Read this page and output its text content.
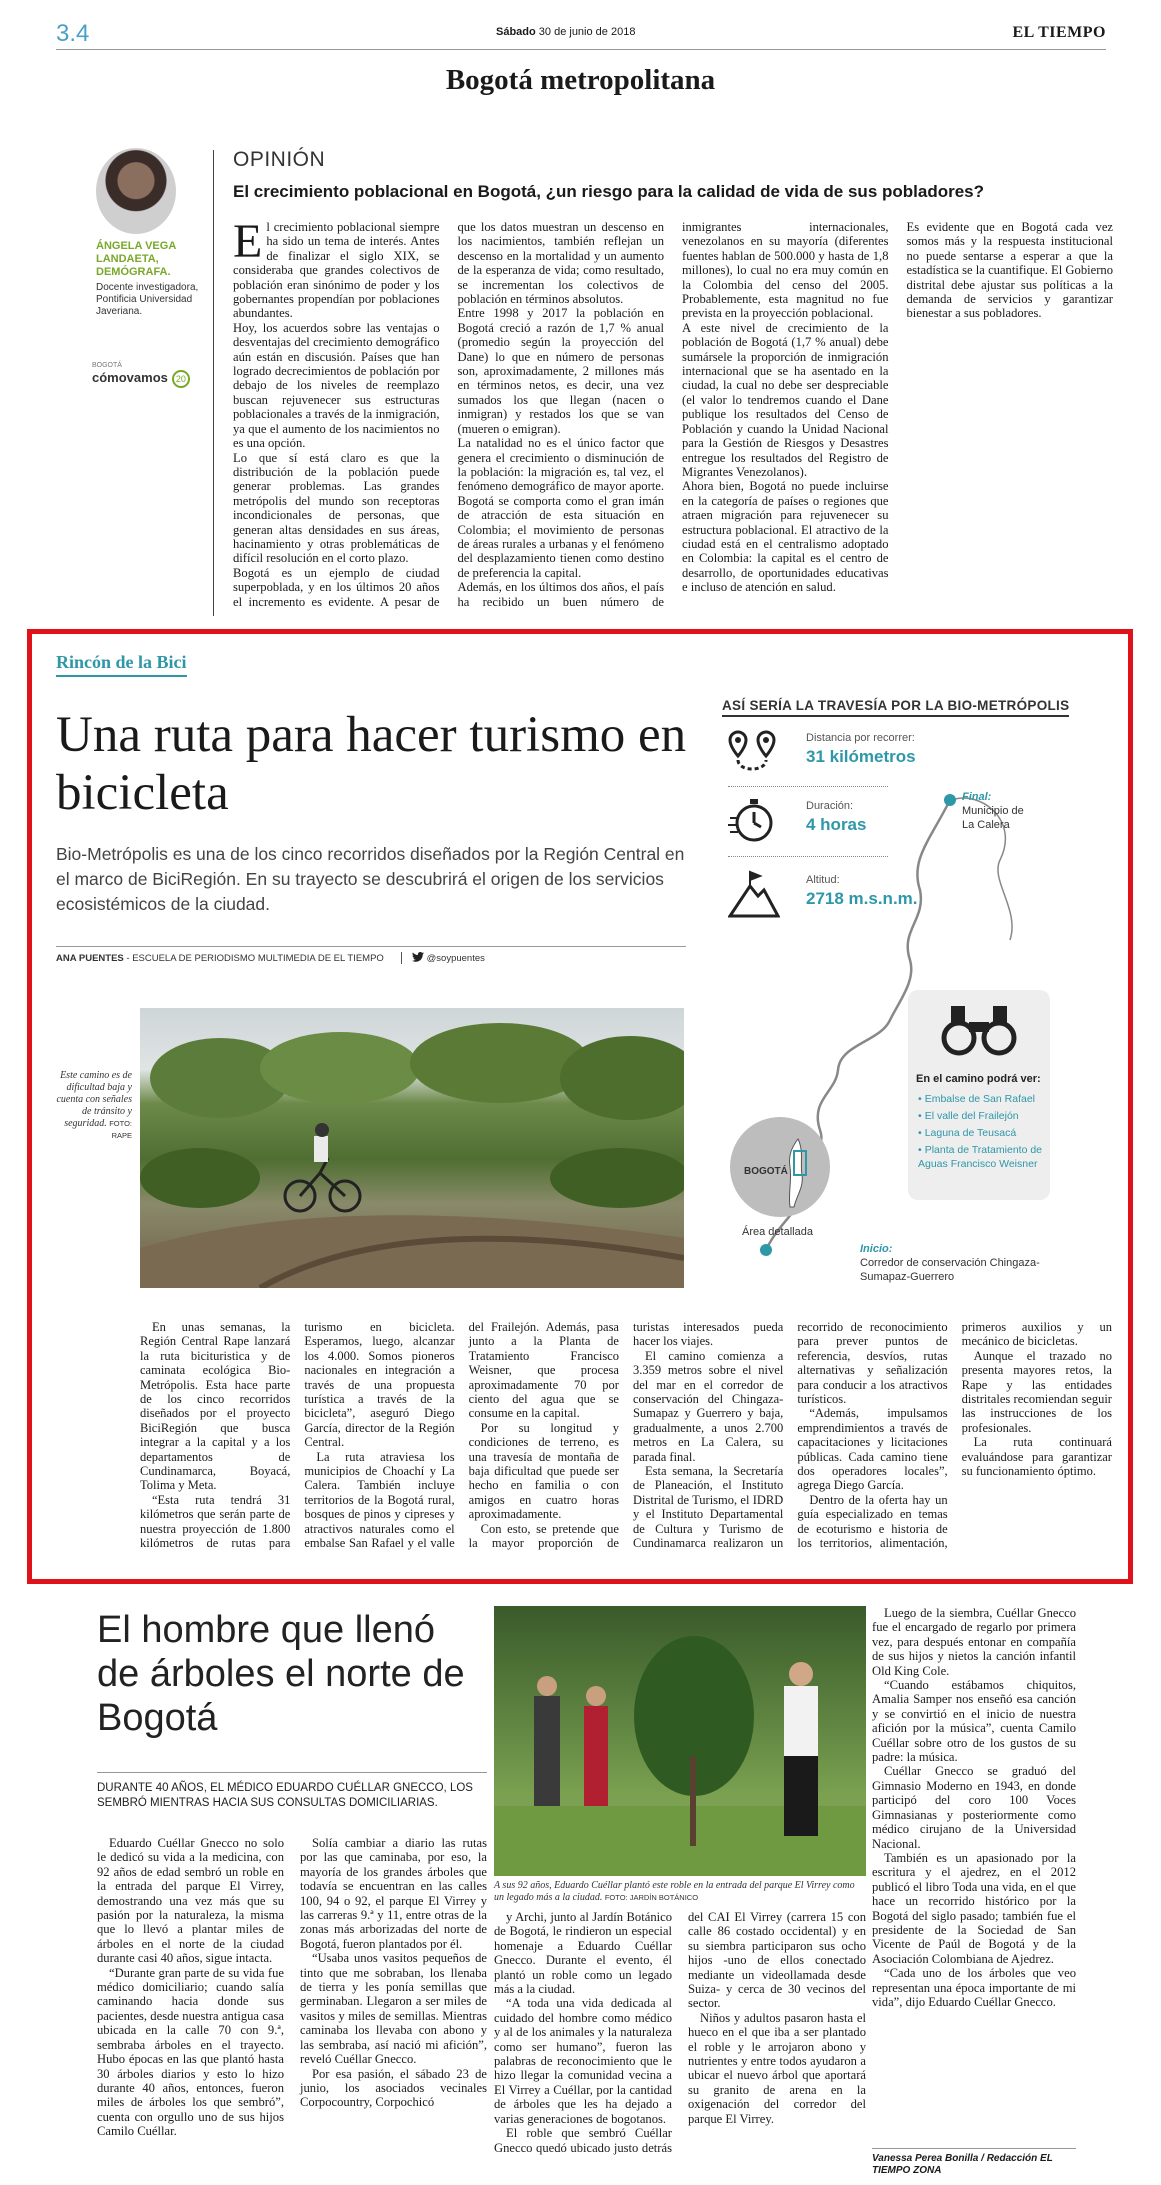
3.4	Sábado 30 de junio de 2018	EL TIEMPO
Bogotá metropolitana
ÁNGELA VEGA LANDAETA, DEMÓGRAFA.
Docente investigadora, Pontificia Universidad Javeriana.
BOGOTÁ
cómovamos 20
OPINIÓN
El crecimiento poblacional en Bogotá, ¿un riesgo para la calidad de vida de sus pobladores?

El crecimiento poblacional siempre ha sido un tema de interés. Antes de finalizar el siglo XIX, se consideraba que grandes colectivos de población eran sinónimo de poder y los gobernantes propendían por poblaciones abundantes.

Hoy, los acuerdos sobre las ventajas o desventajas del crecimiento demográfico aún están en discusión. Países que han logrado decrecimientos de población por debajo de los niveles de reemplazo buscan rejuvenecer sus estructuras poblacionales a través de la inmigración, ya que el aumento de los nacimientos no es una opción.

Lo que sí está claro es que la distribución de la población puede generar problemas. Las grandes metrópolis del mundo son receptoras incondicionales de personas, que generan altas densidades en sus áreas, hacinamiento y otras problemáticas de difícil resolución en el corto plazo.

Bogotá es un ejemplo de ciudad superpoblada, y en los últimos 20 años el incremento es evidente. A pesar de que los datos muestran un descenso en los nacimientos, también reflejan un descenso en la mortalidad y un aumento de la esperanza de vida; como resultado, se incrementan los colectivos de población en términos absolutos.

Entre 1998 y 2017 la población en Bogotá creció a razón de 1,7 % anual (promedio según la proyección del Dane) lo que en número de personas son, aproximadamente, 2 millones más en términos netos, es decir, una vez sumados los que llegan (nacen o inmigran) y restados los que se van (mueren o emigran).

La natalidad no es el único factor que genera el crecimiento o disminución de la población: la migración es, tal vez, el fenómeno demográfico de mayor aporte. Bogotá se comporta como el gran imán de atracción de esta situación en Colombia; el movimiento de personas de áreas rurales a urbanas y el fenómeno del desplazamiento tienen como destino de preferencia la capital.

Además, en los últimos dos años, el país ha recibido un buen número de inmigrantes internacionales, venezolanos en su mayoría (diferentes fuentes hablan de 500.000 y hasta de 1,8 millones), lo cual no era muy común en la Colombia del censo del 2005. Probablemente, esta magnitud no fue prevista en la proyección poblacional.

A este nivel de crecimiento de la población de Bogotá (1,7 % anual) debe sumársele la proporción de inmigración internacional que se ha asentado en la ciudad, la cual no debe ser despreciable (el valor lo tendremos cuando el Dane publique los resultados del Censo de Población y cuando la Unidad Nacional para la Gestión de Riesgos y Desastres entregue los resultados del Registro de Migrantes Venezolanos).

Ahora bien, Bogotá no puede incluirse en la categoría de países o regiones que atraen migración para rejuvenecer su estructura poblacional. El atractivo de la ciudad está en el centralismo adoptado en Colombia: la capital es el centro de desarrollo, de oportunidades educativas e incluso de atención en salud.

Es evidente que en Bogotá cada vez somos más y la respuesta institucional no puede sentarse a esperar a que la estadística se la cuantifique. El Gobierno distrital debe ajustar sus políticas a la demanda de servicios y garantizar bienestar a sus pobladores.

Rincón de la Bici
Una ruta para hacer turismo en bicicleta
Bio-Metrópolis es una de los cinco recorridos diseñados por la Región Central en el marco de BiciRegión. En su trayecto se descubrirá el origen de los servicios ecosistémicos de la ciudad.
ANA PUENTES - ESCUELA DE PERIODISMO MULTIMEDIA DE EL TIEMPO	@soypuentes
Este camino es de dificultad baja y cuenta con señales de tránsito y seguridad. FOTO: RAPE

En unas semanas, la Región Central Rape lanzará la ruta bicituristica y de caminata ecológica Bio-Metrópolis. Esta hace parte de los cinco recorridos diseñados por el proyecto BiciRegión que busca integrar a la capital y a los departamentos de Cundinamarca, Boyacá, Tolima y Meta.

“Esta ruta tendrá 31 kilómetros que serán parte de nuestra proyección de 1.800 kilómetros de rutas para turismo en bicicleta. Esperamos, luego, alcanzar los 4.000. Somos pioneros nacionales en integración a través de una propuesta turística a través de la bicicleta”, aseguró Diego García, director de la Región Central.

La ruta atraviesa los municipios de Choachí y La Calera. También incluye territorios de la Bogotá rural, bosques de pinos y cipreses y atractivos naturales como el embalse San Rafael y el valle del Frailejón. Además, pasa junto a la Planta de Tratamiento Francisco Weisner, que procesa aproximadamente 70 por ciento del agua que se consume en la capital.

Por su longitud y condiciones de terreno, es una travesía de montaña de baja dificultad que puede ser hecho en familia o con amigos en cuatro horas aproximadamente.

Con esto, se pretende que la mayor proporción de turistas interesados pueda hacer los viajes.

El camino comienza a 3.359 metros sobre el nivel del mar en el corredor de conservación del Chingaza- Sumapaz y Guerrero y baja, gradualmente, a unos 2.700 metros en La Calera, su parada final.

Esta semana, la Secretaría de Planeación, el Instituto Distrital de Turismo, el IDRD y el Instituto Departamental de Cultura y Turismo de Cundinamarca realizaron un recorrido de reconocimiento para prever puntos de referencia, desvíos, rutas alternativas y señalización para conducir a los atractivos turísticos.

“Además, impulsamos emprendimientos a través de capacitaciones y licitaciones públicas. Cada camino tiene dos operadores locales”, agrega Diego García.

Dentro de la oferta hay un guía especializado en temas de ecoturismo e historia de los territorios, alimentación, primeros auxilios y un mecánico de bicicletas.

Aunque el trazado no presenta mayores retos, la Rape y las entidades distritales recomiendan seguir las instrucciones de los profesionales.

La ruta continuará evaluándose para garantizar su funcionamiento óptimo.

ASÍ SERÍA LA TRAVESÍA POR LA BIO-METRÓPOLIS
Distancia por recorrer:
31 kilómetros
Duración:
4 horas
Altitud:
2718 m.s.n.m.
Final:
Municipio de La Calera
Inicio:
Corredor de conservación Chingaza-Sumapaz-Guerrero
En el camino podrá ver:
• Embalse de San Rafael
• El valle del Frailejón
• Laguna de Teusacá
• Planta de Tratamiento de Aguas Francisco Weisner
BOGOTÁ
Área detallada
El hombre que llenó de árboles el norte de Bogotá
DURANTE 40 AÑOS, EL MÉDICO EDUARDO CUÉLLAR GNECCO, LOS SEMBRÓ MIENTRAS HACIA SUS CONSULTAS DOMICILIARIAS.

Eduardo Cuéllar Gnecco no solo le dedicó su vida a la medicina, con 92 años de edad sembró un roble en la entrada del parque El Virrey, demostrando una vez más que su pasión por la naturaleza, la misma que lo llevó a plantar miles de árboles en el norte de la ciudad durante casi 40 años, sigue intacta.

“Durante gran parte de su vida fue médico domiciliario; cuando salía caminando hacia donde sus pacientes, desde nuestra antigua casa ubicada en la calle 70 con 9.ª, sembraba árboles en el trayecto. Hubo épocas en las que plantó hasta 30 árboles diarios y esto lo hizo durante 40 años, entonces, fueron miles de árboles los que sembró”, cuenta con orgullo uno de sus hijos Camilo Cuéllar.

Solía cambiar a diario las rutas por las que caminaba, por eso, la mayoría de los grandes árboles que todavía se encuentran en las calles 100, 94 o 92, el parque El Virrey y las carreras 9.ª y 11, entre otras de la zonas más arborizadas del norte de Bogotá, fueron plantados por él.

“Usaba unos vasitos pequeños de tinto que me sobraban, los llenaba de tierra y les ponía semillas que germinaban. Llegaron a ser miles de vasitos y miles de semillas. Mientras caminaba los llevaba con abono y las sembraba, así nació mi afición”, reveló Cuéllar Gnecco.

Por esa pasión, el sábado 23 de junio, los asociados vecinales Corpocountry, Corpochicó

A sus 92 años, Eduardo Cuéllar plantó este roble en la entrada del parque El Virrey como un legado más a la ciudad. FOTO: JARDÍN BOTÁNICO

y Archi, junto al Jardín Botánico de Bogotá, le rindieron un especial homenaje a Eduardo Cuéllar Gnecco. Durante el evento, él plantó un roble como un legado más a la ciudad.

“A toda una vida dedicada al cuidado del hombre como médico y al de los animales y la naturaleza como ser humano”, fueron las palabras de reconocimiento que le hizo llegar la comunidad vecina a El Virrey a Cuéllar, por la cantidad de árboles que les ha dejado a varias generaciones de bogotanos.

El roble que sembró Cuéllar Gnecco quedó ubicado justo detrás del CAI El Virrey (carrera 15 con calle 86 costado occidental) y en su siembra participaron sus ocho hijos -uno de ellos conectado mediante un videollamada desde Suiza- y cerca de 30 vecinos del sector.

Niños y adultos pasaron hasta el hueco en el que iba a ser plantado el roble y le arrojaron abono y nutrientes y entre todos ayudaron a ubicar el nuevo árbol que aportará su granito de arena en la oxigenación del corredor del parque El Virrey.

Luego de la siembra, Cuéllar Gnecco fue el encargado de regarlo por primera vez, para después entonar en compañía de sus hijos y nietos la canción infantil Old King Cole.

“Cuando estábamos chiquitos, Amalia Samper nos enseñó esa canción y se convirtió en el inicio de nuestra afición por la música”, cuenta Camilo Cuéllar sobre otro de los gustos de su padre: la música.

Cuéllar Gnecco se graduó del Gimnasio Moderno en 1943, en donde participó del coro 100 Voces Gimnasianas y posteriormente como médico cirujano de la Universidad Nacional.

También es un apasionado por la escritura y el ajedrez, en el 2012 publicó el libro Toda una vida, en el que hace un recorrido histórico por la Bogotá del siglo pasado; también fue el presidente de la Sociedad de San Vicente de Paúl de Bogotá y de la Asociación Colombiana de Ajedrez.

“Cada uno de los árboles que veo representan una época importante de mi vida”, dijo Eduardo Cuéllar Gnecco.

Vanessa Perea Bonilla / Redacción EL TIEMPO ZONA
